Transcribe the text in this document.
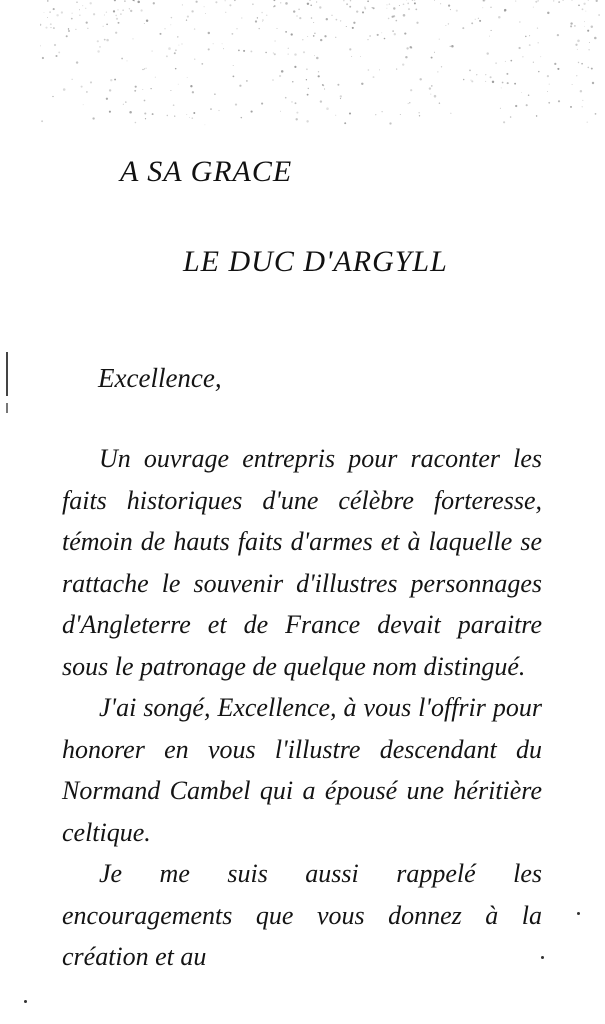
A SA GRACE
LE DUC D'ARGYLL
Excellence,

Un ouvrage entrepris pour raconter les faits historiques d'une célèbre forteresse, témoin de hauts faits d'armes et à laquelle se rattache le souvenir d'illustres personnages d'Angleterre et de France devait paraitre sous le patronage de quelque nom distingué.

J'ai songé, Excellence, à vous l'offrir pour honorer en vous l'illustre descendant du Normand Cambel qui a épousé une héritière celtique.

Je me suis aussi rappelé les encouragements que vous donnez à la création et au
